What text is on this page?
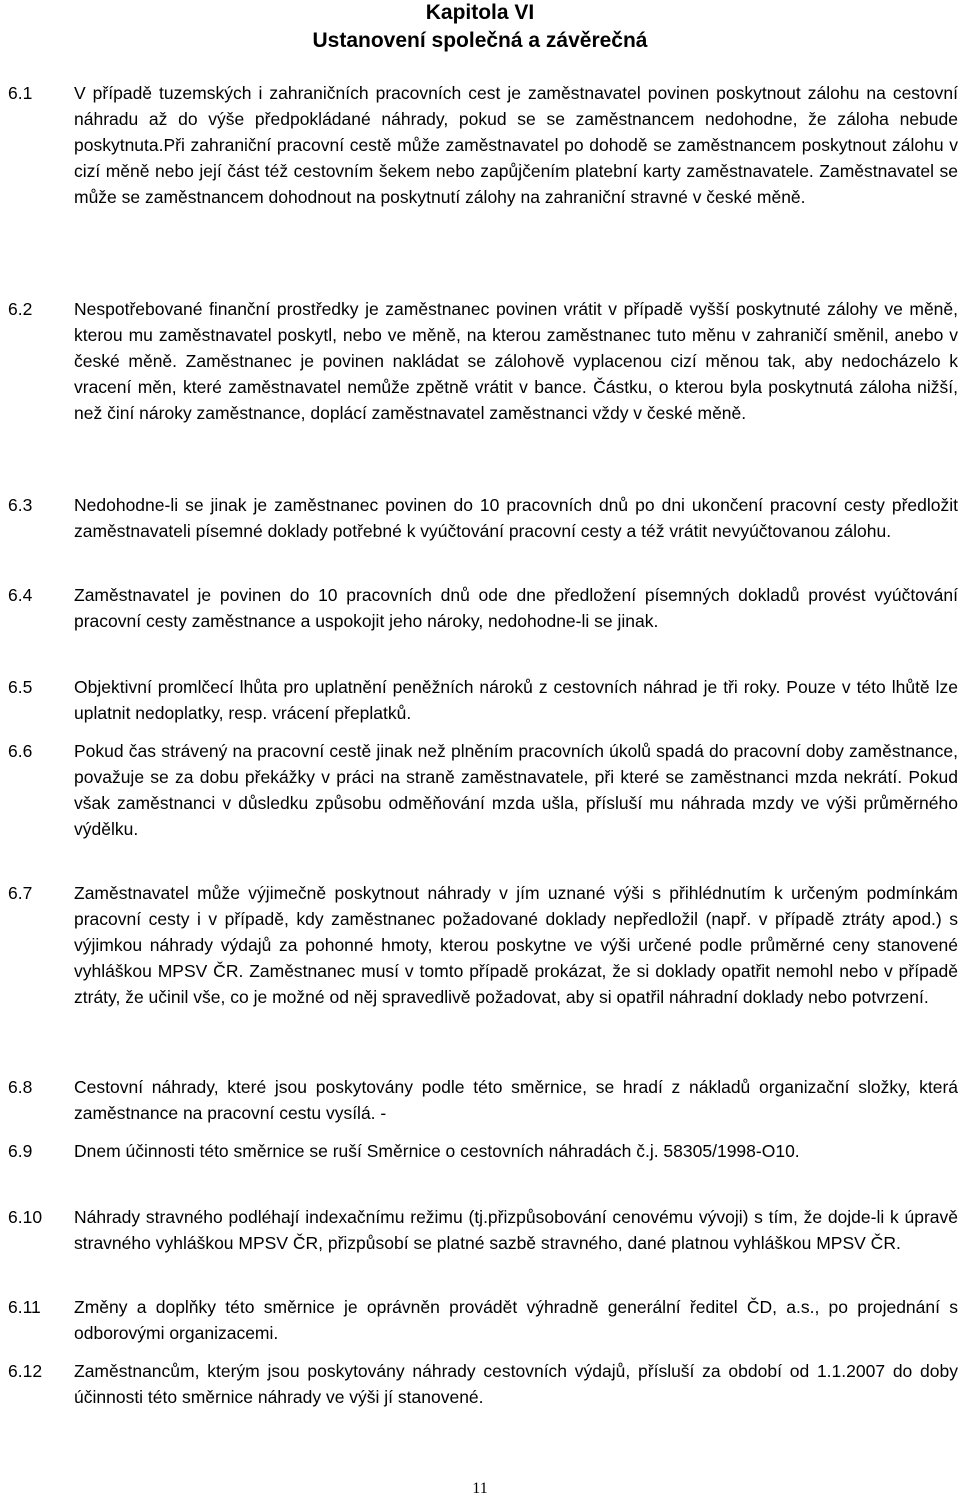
Kapitola VI
Ustanovení společná a závěrečná
6.1 V případě tuzemských i zahraničních pracovních cest je zaměstnavatel povinen poskytnout zálohu na cestovní náhradu až do výše předpokládané náhrady, pokud se se zaměstnancem nedohodne, že záloha nebude poskytnuta.Při zahraniční pracovní cestě může zaměstnavatel po dohodě se zaměstnancem poskytnout zálohu v cizí měně nebo její část též cestovním šekem nebo zapůjčením platební karty zaměstnavatele. Zaměstnavatel se může se zaměstnancem dohodnout na poskytnutí zálohy na zahraniční stravné v české měně.
6.2 Nespotřebované finanční prostředky je zaměstnanec povinen vrátit v případě vyšší poskytnuté zálohy ve měně, kterou mu zaměstnavatel poskytl, nebo ve měně, na kterou zaměstnanec tuto měnu v zahraničí směnil, anebo v české měně. Zaměstnanec je povinen nakládat se zálohově vyplacenou cizí měnou tak, aby nedocházelo k vracení měn, které zaměstnavatel nemůže zpětně vrátit v bance. Částku, o kterou byla poskytnutá záloha nižší, než činí nároky zaměstnance, doplácí zaměstnavatel zaměstnanci vždy v české měně.
6.3 Nedohodne-li se jinak je zaměstnanec povinen do 10 pracovních dnů po dni ukončení pracovní cesty předložit zaměstnavateli písemné doklady potřebné k vyúčtování pracovní cesty a též vrátit nevyúčtovanou zálohu.
6.4 Zaměstnavatel je povinen do 10 pracovních dnů ode dne předložení písemných dokladů provést vyúčtování pracovní cesty zaměstnance a uspokojit jeho nároky, nedohodne-li se jinak.
6.5 Objektivní promlčecí lhůta pro uplatnění peněžních nároků z cestovních náhrad je tři roky. Pouze v této lhůtě lze uplatnit nedoplatky, resp. vrácení přeplatků.
6.6 Pokud čas strávený na pracovní cestě jinak než plněním pracovních úkolů spadá do pracovní doby zaměstnance, považuje se za dobu překážky v práci na straně zaměstnavatele, při které se zaměstnanci mzda nekrátí. Pokud však zaměstnanci v důsledku způsobu odměňování mzda ušla, přísluší mu náhrada mzdy ve výši průměrného výdělku.
6.7 Zaměstnavatel může výjimečně poskytnout náhrady v jím uznané výši s přihlédnutím k určeným podmínkám pracovní cesty i v případě, kdy zaměstnanec požadované doklady nepředložil (např. v případě ztráty apod.) s výjimkou náhrady výdajů za pohonné hmoty, kterou poskytne ve výši určené podle průměrné ceny stanovené vyhláškou MPSV ČR. Zaměstnanec musí v tomto případě prokázat, že si doklady opatřit nemohl nebo v případě ztráty, že učinil vše, co je možné od něj spravedlivě požadovat, aby si opatřil náhradní doklady nebo potvrzení.
6.8 Cestovní náhrady, které jsou poskytovány podle této směrnice, se hradí z nákladů organizační složky, která zaměstnance na pracovní cestu vysílá. -
6.9 Dnem účinnosti této směrnice se ruší Směrnice o cestovních náhradách č.j. 58305/1998-O10.
6.10 Náhrady stravného podléhají indexačnímu režimu (tj.přizpůsobování cenovému vývoji) s tím, že dojde-li k úpravě stravného vyhláškou MPSV ČR, přizpůsobí se platné sazbě stravného, dané platnou vyhláškou MPSV ČR.
6.11 Změny a doplňky této směrnice je oprávněn provádět výhradně generální ředitel ČD, a.s., po projednání s odborovými organizacemi.
6.12 Zaměstnancům, kterým jsou poskytovány náhrady cestovních výdajů, přísluší za období od 1.1.2007 do doby účinnosti této směrnice náhrady ve výši jí stanovené.
11
